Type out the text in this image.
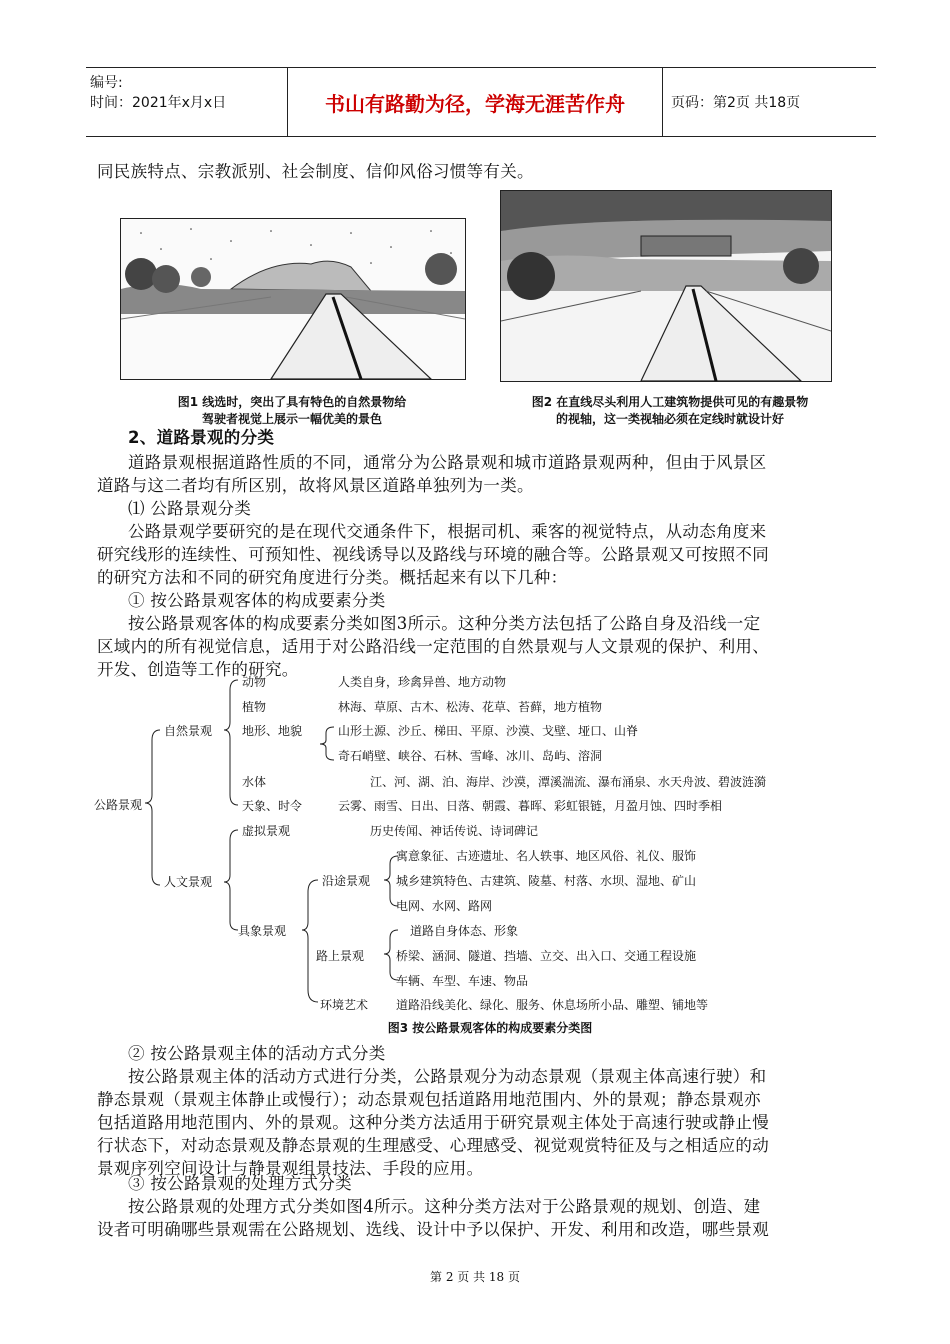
编号:
时间：2021年x月x日	书山有路勤为径，学海无涯苦作舟	页码：第2页 共18页
同民族特点、宗教派别、社会制度、信仰风俗习惯等有关。
图1 线选时，突出了具有特色的自然景物给
驾驶者视觉上展示一幅优美的景色
图2 在直线尽头利用人工建筑物提供可见的有趣景物
的视轴，这一类视轴必须在定线时就设计好
2、道路景观的分类
道路景观根据道路性质的不同，通常分为公路景观和城市道路景观两种，但由于风景区
道路与这二者均有所区别，故将风景区道路单独列为一类。
⑴ 公路景观分类
公路景观学要研究的是在现代交通条件下，根据司机、乘客的视觉特点，从动态角度来
研究线形的连续性、可预知性、视线诱导以及路线与环境的融合等。公路景观又可按照不同
的研究方法和不同的研究角度进行分类。概括起来有以下几种：
① 按公路景观客体的构成要素分类
按公路景观客体的构成要素分类如图3所示。这种分类方法包括了公路自身及沿线一定
区域内的所有视觉信息，适用于对公路沿线一定范围的自然景观与人文景观的保护、利用、
开发、创造等工作的研究。
公路景观
自然景观
人文景观
动物	人类自身，珍禽异兽、地方动物
植物	林海、草原、古木、松涛、花草、苔藓，地方植物
地形、地貌	山形土源、沙丘、梯田、平原、沙漠、戈壁、垭口、山脊
奇石峭壁、峡谷、石林、雪峰、冰川、岛屿、溶洞
水体	江、河、湖、泊、海岸、沙漠，潭溪湍流、瀑布涌泉、水天舟波、碧波涟漪
天象、时令	云雾、雨雪、日出、日落、朝霞、暮晖、彩虹银链，月盈月蚀、四时季相
虚拟景观	历史传闻、神话传说、诗词碑记
具象景观
沿途景观
寓意象征、古迹遗址、名人轶事、地区风俗、礼仪、服饰
城乡建筑特色、古建筑、陵墓、村落、水坝、湿地、矿山
电网、水网、路网
路上景观
道路自身体态、形象
桥梁、涵洞、隧道、挡墙、立交、出入口、交通工程设施
车辆、车型、车速、物品
环境艺术 道路沿线美化、绿化、服务、休息场所小品、雕塑、铺地等
图3 按公路景观客体的构成要素分类图
② 按公路景观主体的活动方式分类
按公路景观主体的活动方式进行分类，公路景观分为动态景观（景观主体高速行驶）和
静态景观（景观主体静止或慢行）；动态景观包括道路用地范围内、外的景观；静态景观亦
包括道路用地范围内、外的景观。这种分类方法适用于研究景观主体处于高速行驶或静止慢
行状态下，对动态景观及静态景观的生理感受、心理感受、视觉观赏特征及与之相适应的动
景观序列空间设计与静景观组景技法、手段的应用。
③ 按公路景观的处理方式分类
按公路景观的处理方式分类如图4所示。这种分类方法对于公路景观的规划、创造、建
设者可明确哪些景观需在公路规划、选线、设计中予以保护、开发、利用和改造，哪些景观
第 2 页 共 18 页
